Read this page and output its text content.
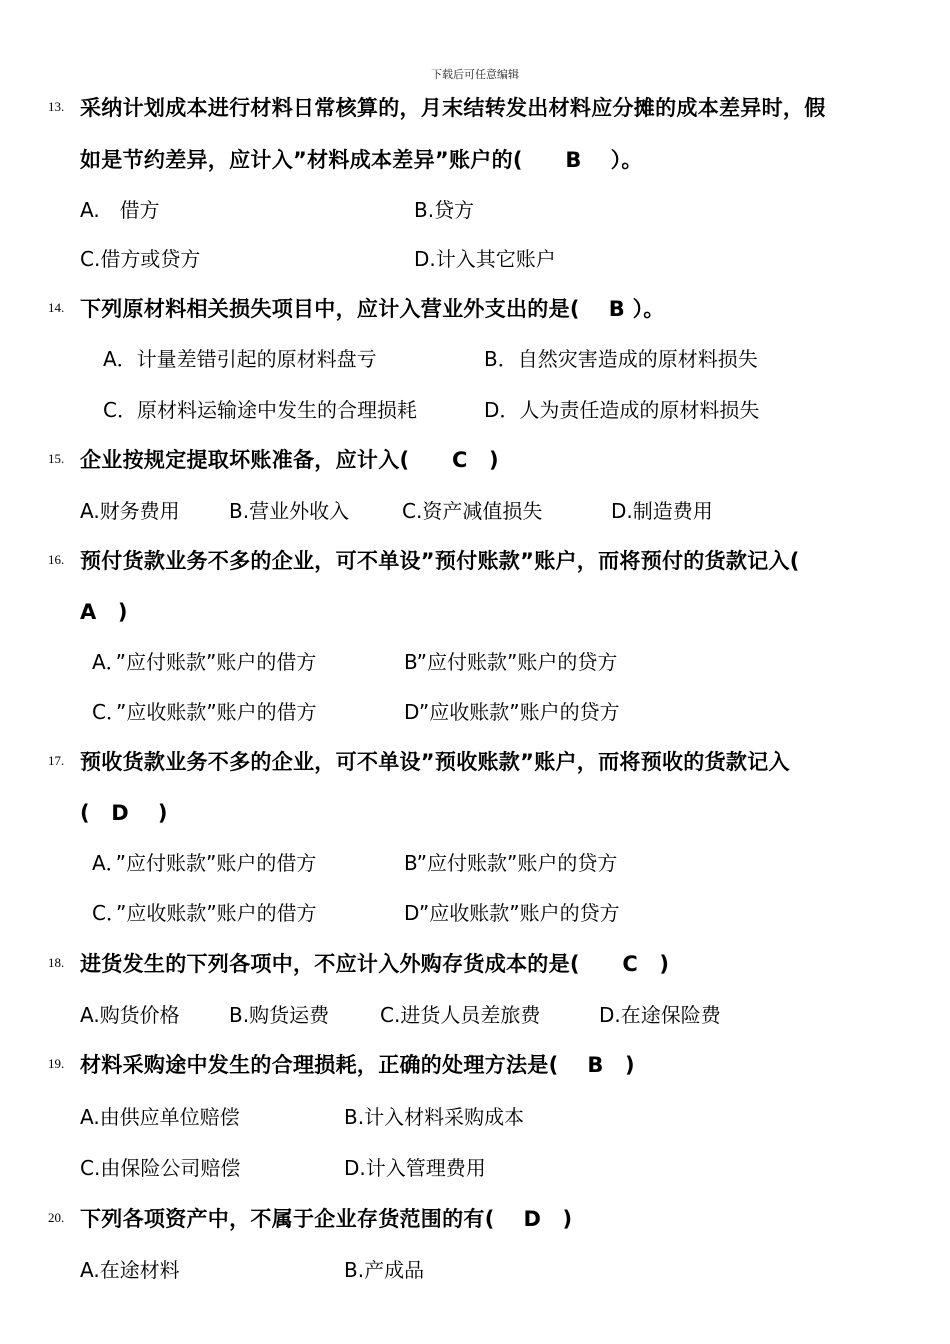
下载后可任意编辑
13. 采纳计划成本进行材料日常核算的，月末结转发出材料应分摊的成本差异时，假
如是节约差异，应计入”材料成本差异”账户的(　　B　 ）。
A.　借方	B.贷方
C.借方或贷方	D.计入其它账户
14. 下列原材料相关损失项目中，应计入营业外支出的是(　 B ）。
A．计量差错引起的原材料盘亏	B．自然灾害造成的原材料损失
C．原材料运输途中发生的合理损耗	D．人为责任造成的原材料损失
15. 企业按规定提取坏账准备，应计入(　　C　)
A.财务费用 B.营业外收入	C.资产减值损失	D.制造费用
16. 预付货款业务不多的企业，可不单设”预付账款”账户，而将预付的货款记入(
A　)
A．”应付账款”账户的借方	B”应付账款”账户的贷方
C．”应收账款”账户的借方	D”应收账款”账户的贷方
17. 预收货款业务不多的企业，可不单设”预收账款”账户，而将预收的货款记入
(　D　 )
A．”应付账款”账户的借方	B”应付账款”账户的贷方
C．”应收账款”账户的借方	D”应收账款”账户的贷方
18. 进货发生的下列各项中，不应计入外购存货成本的是(　　C　)
A.购货价格 B.购货运费	C.进货人员差旅费	D.在途保险费
19. 材料采购途中发生的合理损耗，正确的处理方法是(　 B　)
A.由供应单位赔偿	B.计入材料采购成本
C.由保险公司赔偿	D.计入管理费用
20. 下列各项资产中，不属于企业存货范围的有(　 D　)
A.在途材料	B.产成品
